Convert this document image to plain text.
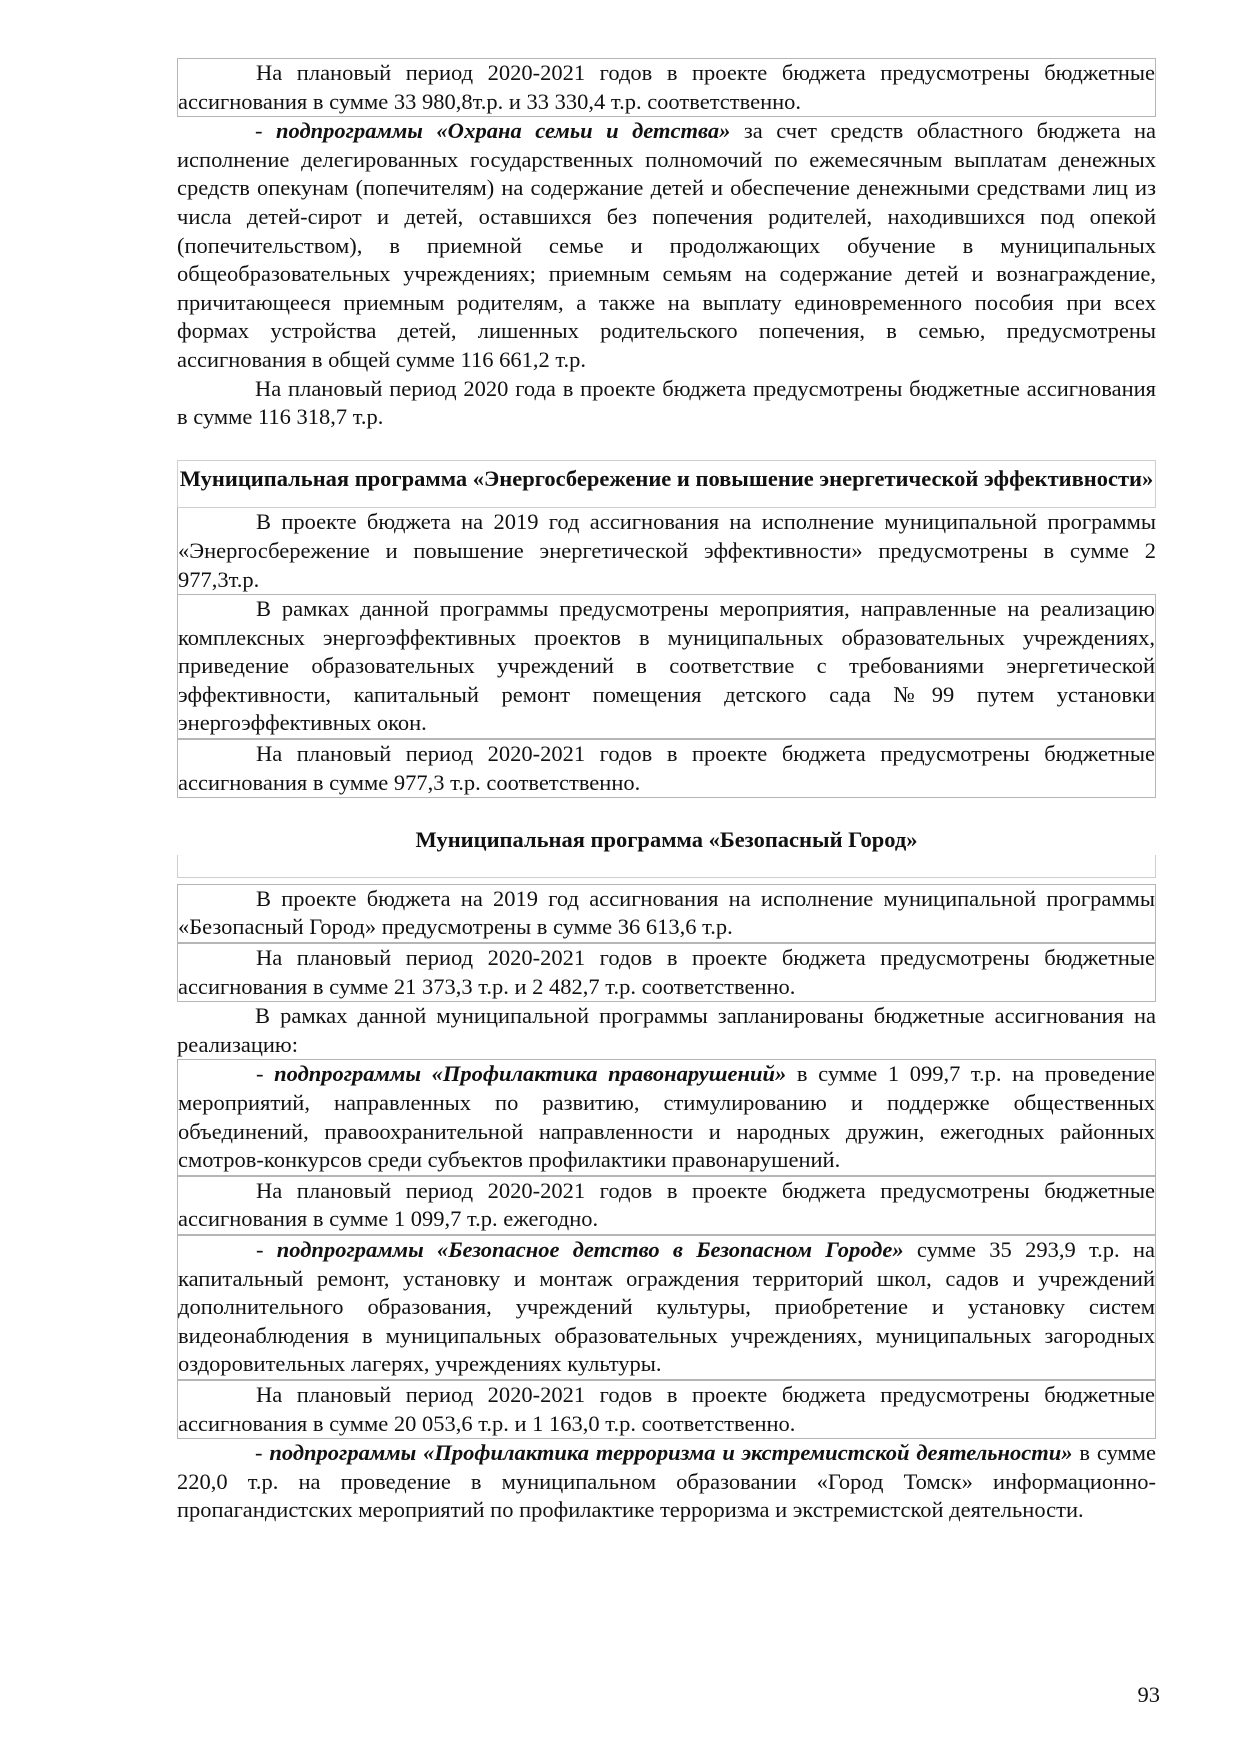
На плановый период 2020-2021 годов в проекте бюджета предусмотрены бюджетные ассигнования в сумме 33 980,8т.р. и 33 330,4 т.р. соответственно.

- подпрограммы «Охрана семьи и детства» за счет средств областного бюджета на исполнение делегированных государственных полномочий по ежемесячным выплатам денежных средств опекунам (попечителям) на содержание детей и обеспечение денежными средствами лиц из числа детей-сирот и детей, оставшихся без попечения родителей, находившихся под опекой (попечительством), в приемной семье и продолжающих обучение в муниципальных общеобразовательных учреждениях; приемным семьям на содержание детей и вознаграждение, причитающееся приемным родителям, а также на выплату единовременного пособия при всех формах устройства детей, лишенных родительского попечения, в семью, предусмотрены ассигнования в общей сумме 116 661,2 т.р.

На плановый период 2020 года в проекте бюджета предусмотрены бюджетные ассигнования в сумме 116 318,7 т.р.

Муниципальная программа «Энергосбережение и повышение энергетической эффективности»

В проекте бюджета на 2019 год ассигнования на исполнение муниципальной программы «Энергосбережение и повышение энергетической эффективности» предусмотрены в сумме 2 977,3т.р.

В рамках данной программы предусмотрены мероприятия, направленные на реализацию комплексных энергоэффективных проектов в муниципальных образовательных учреждениях, приведение образовательных учреждений в соответствие с требованиями энергетической эффективности, капитальный ремонт помещения детского сада №99 путем установки энергоэффективных окон.

На плановый период 2020-2021 годов в проекте бюджета предусмотрены бюджетные ассигнования в сумме 977,3 т.р. соответственно.

Муниципальная программа «Безопасный Город»

В проекте бюджета на 2019 год ассигнования на исполнение муниципальной программы «Безопасный Город» предусмотрены в сумме 36 613,6 т.р.

На плановый период 2020-2021 годов в проекте бюджета предусмотрены бюджетные ассигнования в сумме 21 373,3 т.р. и 2 482,7 т.р. соответственно.

В рамках данной муниципальной программы запланированы бюджетные ассигнования на реализацию:

- подпрограммы «Профилактика правонарушений» в сумме 1 099,7 т.р. на проведение мероприятий, направленных по развитию, стимулированию и поддержке общественных объединений, правоохранительной направленности и народных дружин, ежегодных районных смотров-конкурсов среди субъектов профилактики правонарушений.

На плановый период 2020-2021 годов в проекте бюджета предусмотрены бюджетные ассигнования в сумме 1 099,7 т.р. ежегодно.

- подпрограммы «Безопасное детство в Безопасном Городе» сумме 35 293,9 т.р. на капитальный ремонт, установку и монтаж ограждения территорий школ, садов и учреждений дополнительного образования, учреждений культуры, приобретение и установку систем видеонаблюдения в муниципальных образовательных учреждениях, муниципальных загородных оздоровительных лагерях, учреждениях культуры.

На плановый период 2020-2021 годов в проекте бюджета предусмотрены бюджетные ассигнования в сумме 20 053,6 т.р. и 1 163,0 т.р. соответственно.

- подпрограммы «Профилактика терроризма и экстремистской деятельности» в сумме 220,0 т.р. на проведение в муниципальном образовании «Город Томск» информационно-пропагандистских мероприятий по профилактике терроризма и экстремистской деятельности.

93
